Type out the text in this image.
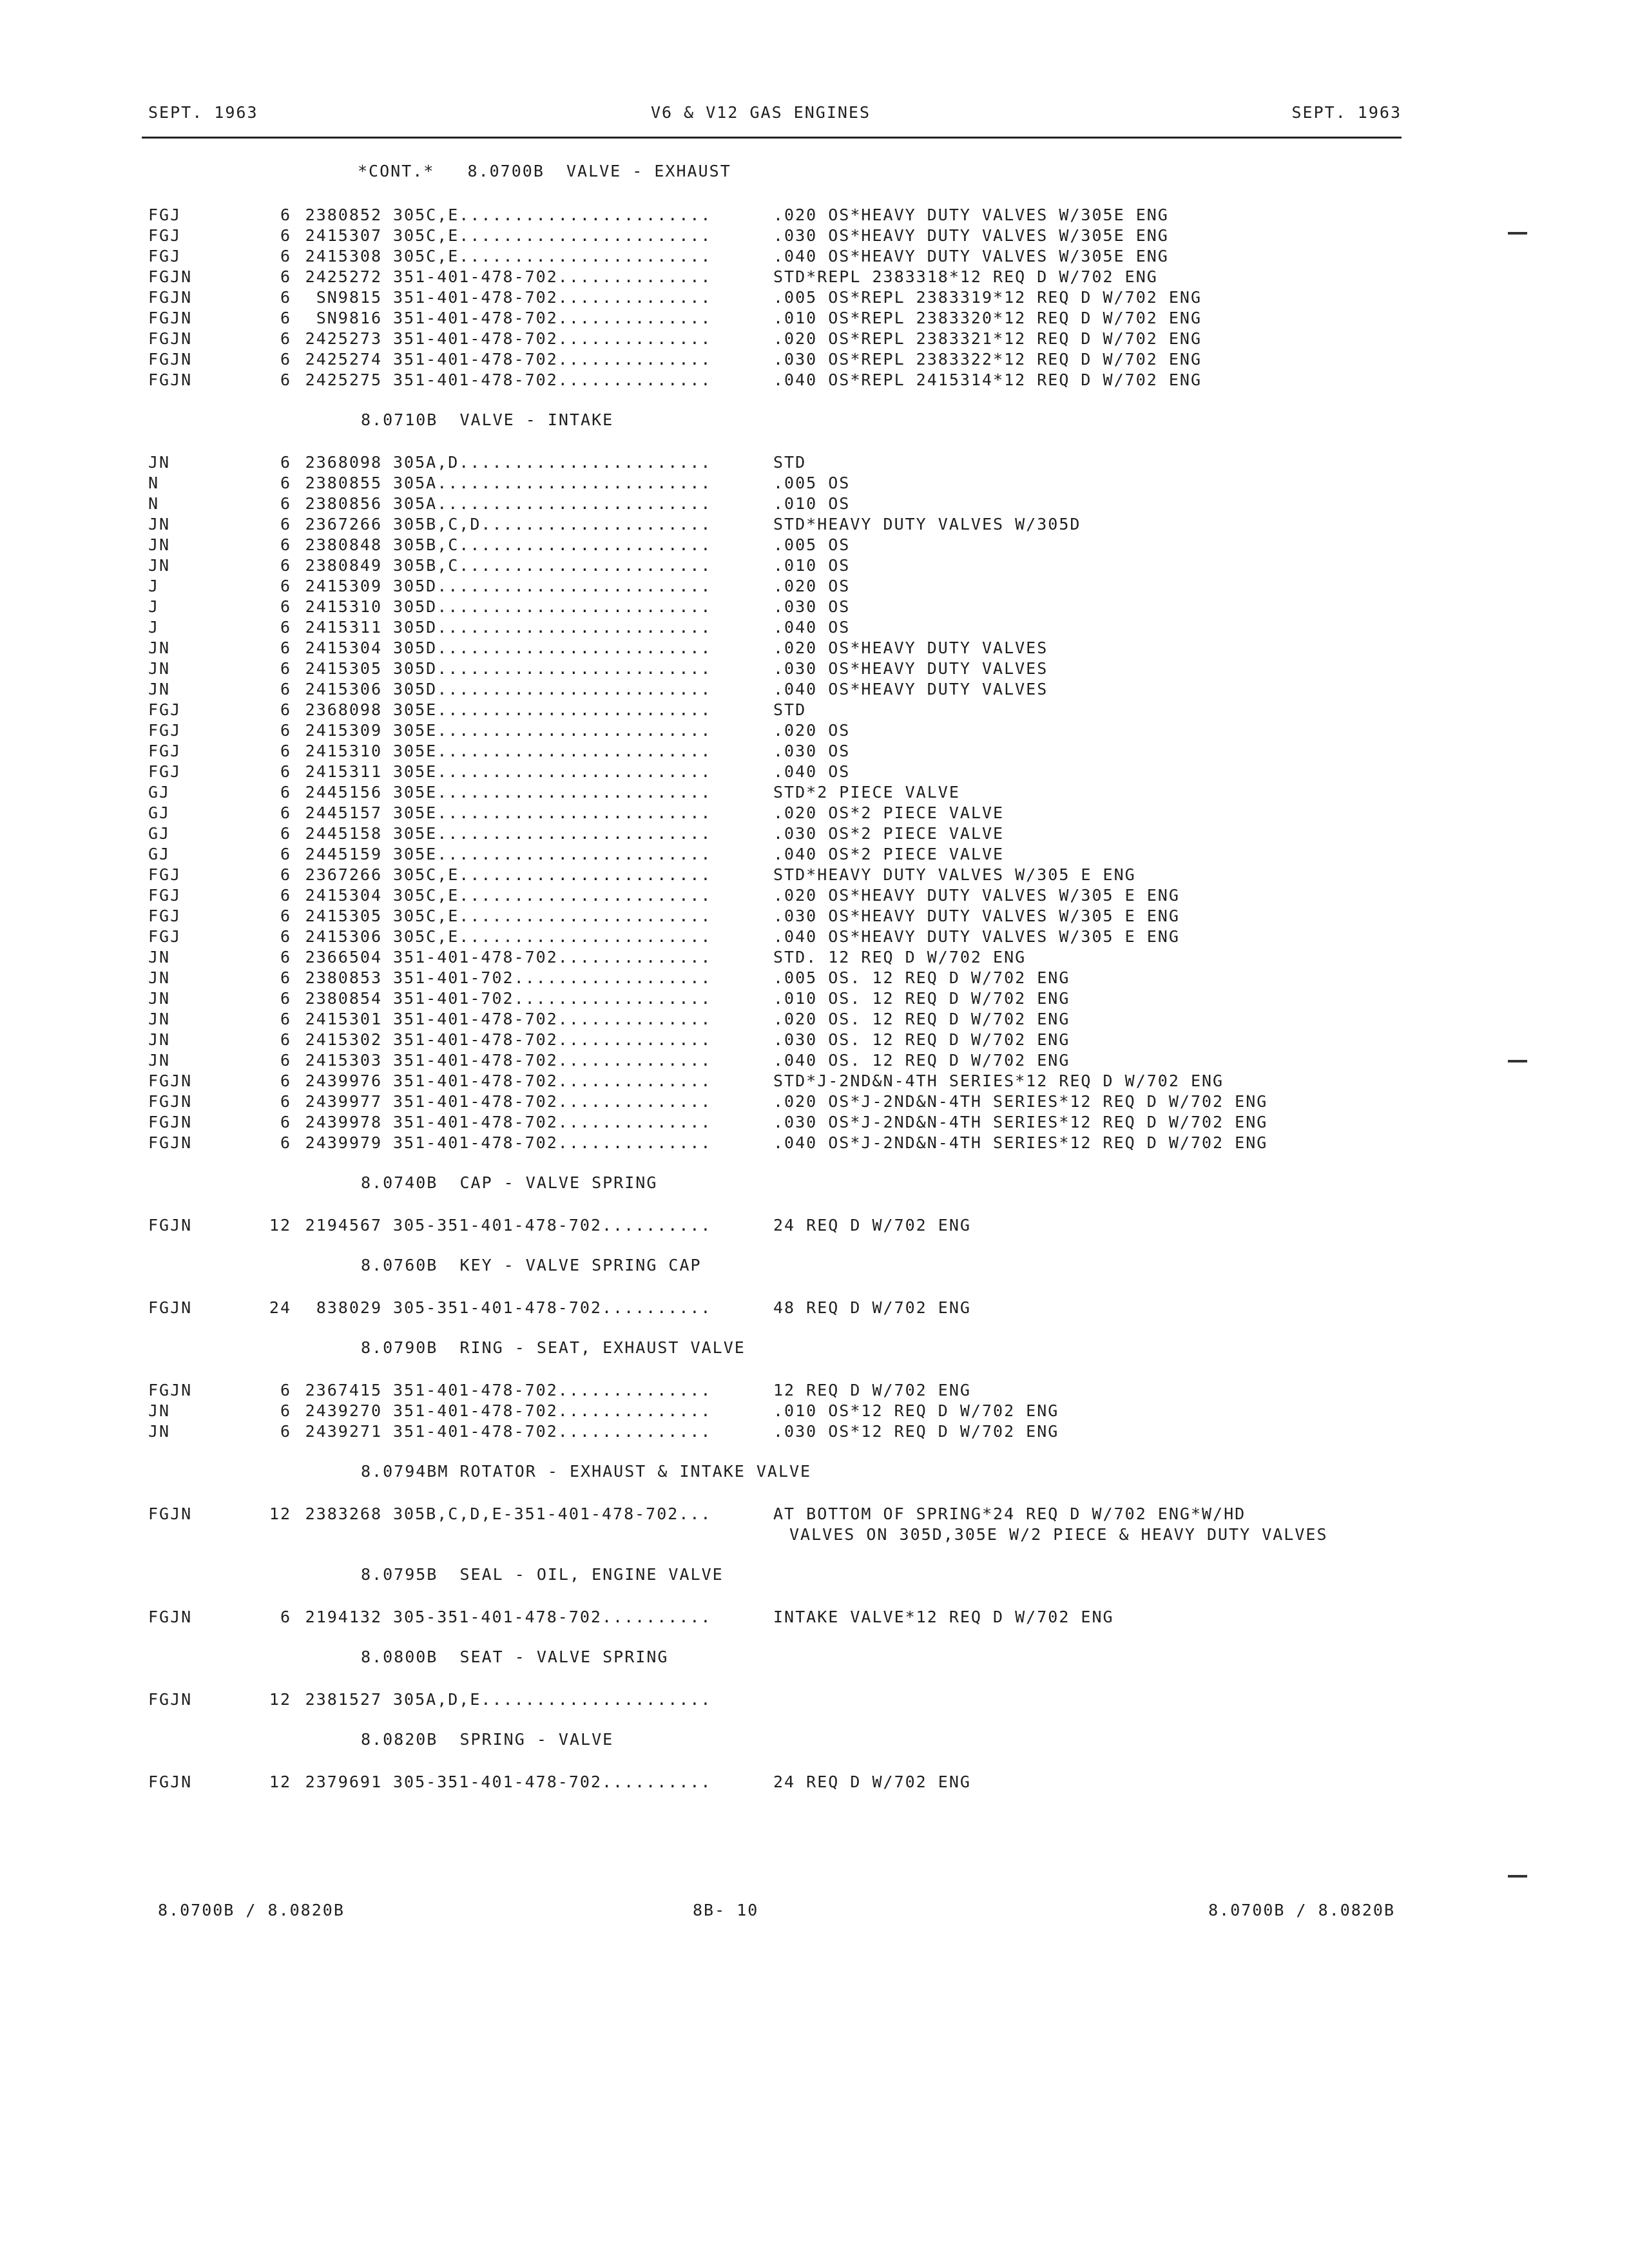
SEPT. 1963	V6 & V12 GAS ENGINES	SEPT. 1963
*CONT.*   8.0700B  VALVE - EXHAUST
FGJ	6 2380852 305C,E.......................	.020 OS*HEAVY DUTY VALVES W/305E ENG
FGJ	6 2415307 305C,E.......................	.030 OS*HEAVY DUTY VALVES W/305E ENG
FGJ	6 2415308 305C,E.......................	.040 OS*HEAVY DUTY VALVES W/305E ENG
FGJN	6 2425272 351-401-478-702..............	STD*REPL 2383318*12 REQ D W/702 ENG
FGJN	6	SN9815 351-401-478-702..............	.005 OS*REPL 2383319*12 REQ D W/702 ENG
FGJN	6	SN9816 351-401-478-702..............	.010 OS*REPL 2383320*12 REQ D W/702 ENG
FGJN	6 2425273 351-401-478-702..............	.020 OS*REPL 2383321*12 REQ D W/702 ENG
FGJN	6 2425274 351-401-478-702..............	.030 OS*REPL 2383322*12 REQ D W/702 ENG
FGJN	6 2425275 351-401-478-702..............	.040 OS*REPL 2415314*12 REQ D W/702 ENG
8.0710B  VALVE - INTAKE
JN	6 2368098 305A,D.......................	STD
N	6 2380855 305A.........................	.005 OS
N	6 2380856 305A.........................	.010 OS
JN	6 2367266 305B,C,D.....................	STD*HEAVY DUTY VALVES W/305D
JN	6 2380848 305B,C.......................	.005 OS
JN	6 2380849 305B,C.......................	.010 OS
J	6 2415309 305D.........................	.020 OS
J	6 2415310 305D.........................	.030 OS
J	6 2415311 305D.........................	.040 OS
JN	6 2415304 305D.........................	.020 OS*HEAVY DUTY VALVES
JN	6 2415305 305D.........................	.030 OS*HEAVY DUTY VALVES
JN	6 2415306 305D.........................	.040 OS*HEAVY DUTY VALVES
FGJ	6 2368098 305E.........................	STD
FGJ	6 2415309 305E.........................	.020 OS
FGJ	6 2415310 305E.........................	.030 OS
FGJ	6 2415311 305E.........................	.040 OS
GJ	6 2445156 305E.........................	STD*2 PIECE VALVE
GJ	6 2445157 305E.........................	.020 OS*2 PIECE VALVE
GJ	6 2445158 305E.........................	.030 OS*2 PIECE VALVE
GJ	6 2445159 305E.........................	.040 OS*2 PIECE VALVE
FGJ	6 2367266 305C,E.......................	STD*HEAVY DUTY VALVES W/305 E ENG
FGJ	6 2415304 305C,E.......................	.020 OS*HEAVY DUTY VALVES W/305 E ENG
FGJ	6 2415305 305C,E.......................	.030 OS*HEAVY DUTY VALVES W/305 E ENG
FGJ	6 2415306 305C,E.......................	.040 OS*HEAVY DUTY VALVES W/305 E ENG
JN	6 2366504 351-401-478-702..............	STD. 12 REQ D W/702 ENG
JN	6 2380853 351-401-702..................	.005 OS. 12 REQ D W/702 ENG
JN	6 2380854 351-401-702..................	.010 OS. 12 REQ D W/702 ENG
JN	6 2415301 351-401-478-702..............	.020 OS. 12 REQ D W/702 ENG
JN	6 2415302 351-401-478-702..............	.030 OS. 12 REQ D W/702 ENG
JN	6 2415303 351-401-478-702..............	.040 OS. 12 REQ D W/702 ENG
FGJN	6 2439976 351-401-478-702..............	STD*J-2ND&N-4TH SERIES*12 REQ D W/702 ENG
FGJN	6 2439977 351-401-478-702..............	.020 OS*J-2ND&N-4TH SERIES*12 REQ D W/702 ENG
FGJN	6 2439978 351-401-478-702..............	.030 OS*J-2ND&N-4TH SERIES*12 REQ D W/702 ENG
FGJN	6 2439979 351-401-478-702..............	.040 OS*J-2ND&N-4TH SERIES*12 REQ D W/702 ENG
8.0740B  CAP - VALVE SPRING
FGJN	12 2194567 305-351-401-478-702..........	24 REQ D W/702 ENG
8.0760B  KEY - VALVE SPRING CAP
FGJN	24	838029 305-351-401-478-702..........	48 REQ D W/702 ENG
8.0790B  RING - SEAT, EXHAUST VALVE
FGJN	6 2367415 351-401-478-702..............	12 REQ D W/702 ENG
JN	6 2439270 351-401-478-702..............	.010 OS*12 REQ D W/702 ENG
JN	6 2439271 351-401-478-702..............	.030 OS*12 REQ D W/702 ENG
8.0794BM ROTATOR - EXHAUST & INTAKE VALVE
FGJN	12 2383268 305B,C,D,E-351-401-478-702...	AT BOTTOM OF SPRING*24 REQ D W/702 ENG*W/HD
VALVES ON 305D,305E W/2 PIECE & HEAVY DUTY VALVES
8.0795B  SEAL - OIL, ENGINE VALVE
FGJN	6 2194132 305-351-401-478-702..........	INTAKE VALVE*12 REQ D W/702 ENG
8.0800B  SEAT - VALVE SPRING
FGJN	12 2381527 305A,D,E.....................
8.0820B  SPRING - VALVE
FGJN	12 2379691 305-351-401-478-702..........	24 REQ D W/702 ENG
8.0700B / 8.0820B	8B- 10	8.0700B / 8.0820B
